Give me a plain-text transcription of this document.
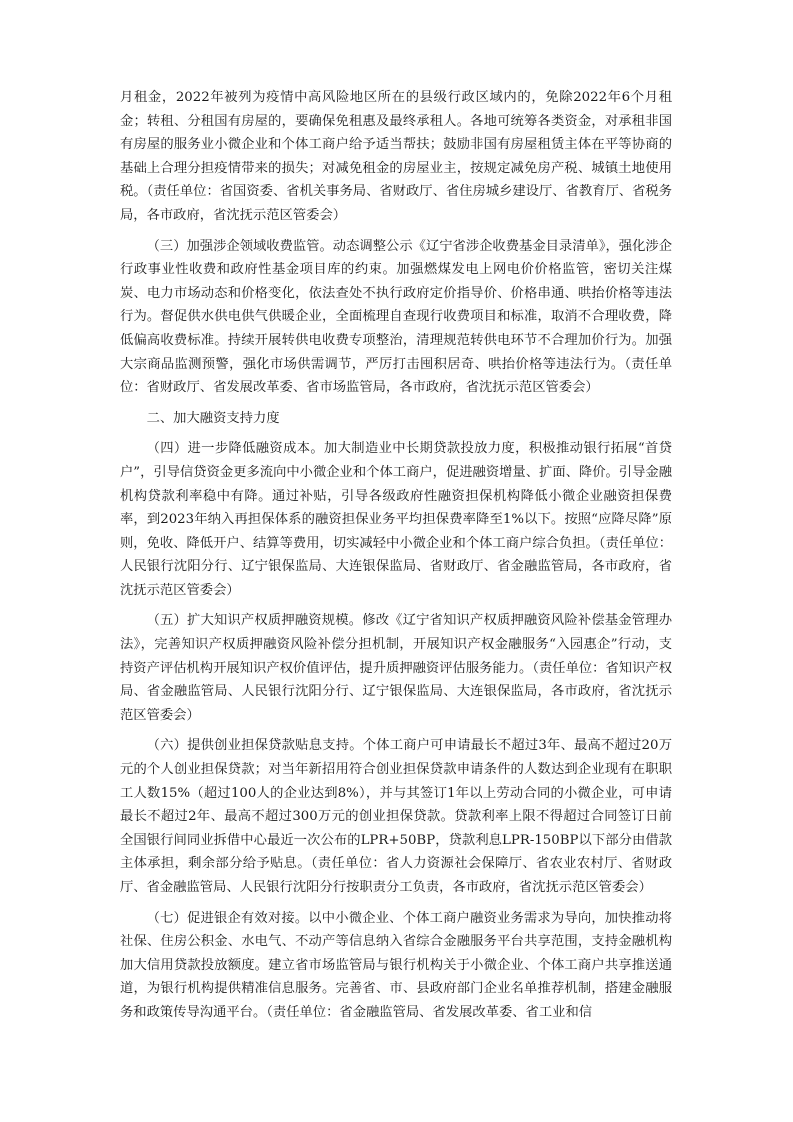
月租金，2022年被列为疫情中高风险地区所在的县级行政区域内的，免除2022年6个月租金；转租、分租国有房屋的，要确保免租惠及最终承租人。各地可统筹各类资金，对承租非国有房屋的服务业小微企业和个体工商户给予适当帮扶；鼓励非国有房屋租赁主体在平等协商的基础上合理分担疫情带来的损失；对减免租金的房屋业主，按规定减免房产税、城镇土地使用税。（责任单位：省国资委、省机关事务局、省财政厅、省住房城乡建设厅、省教育厅、省税务局，各市政府，省沈抚示范区管委会）

（三）加强涉企领域收费监管。动态调整公示《辽宁省涉企收费基金目录清单》，强化涉企行政事业性收费和政府性基金项目库的约束。加强燃煤发电上网电价价格监管，密切关注煤炭、电力市场动态和价格变化，依法查处不执行政府定价指导价、价格串通、哄抬价格等违法行为。督促供水供电供气供暖企业，全面梳理自查现行收费项目和标准，取消不合理收费，降低偏高收费标准。持续开展转供电收费专项整治，清理规范转供电环节不合理加价行为。加强大宗商品监测预警，强化市场供需调节，严厉打击囤积居奇、哄抬价格等违法行为。（责任单位：省财政厅、省发展改革委、省市场监管局，各市政府，省沈抚示范区管委会）

二、加大融资支持力度

（四）进一步降低融资成本。加大制造业中长期贷款投放力度，积极推动银行拓展“首贷户”，引导信贷资金更多流向中小微企业和个体工商户，促进融资增量、扩面、降价。引导金融机构贷款利率稳中有降。通过补贴，引导各级政府性融资担保机构降低小微企业融资担保费率，到2023年纳入再担保体系的融资担保业务平均担保费率降至1%以下。按照“应降尽降”原则，免收、降低开户、结算等费用，切实减轻中小微企业和个体工商户综合负担。（责任单位：人民银行沈阳分行、辽宁银保监局、大连银保监局、省财政厅、省金融监管局，各市政府，省沈抚示范区管委会）

（五）扩大知识产权质押融资规模。修改《辽宁省知识产权质押融资风险补偿基金管理办法》，完善知识产权质押融资风险补偿分担机制，开展知识产权金融服务“入园惠企”行动，支持资产评估机构开展知识产权价值评估，提升质押融资评估服务能力。（责任单位：省知识产权局、省金融监管局、人民银行沈阳分行、辽宁银保监局、大连银保监局，各市政府，省沈抚示范区管委会）

（六）提供创业担保贷款贴息支持。个体工商户可申请最长不超过3年、最高不超过20万元的个人创业担保贷款；对当年新招用符合创业担保贷款申请条件的人数达到企业现有在职职工人数15%（超过100人的企业达到8%），并与其签订1年以上劳动合同的小微企业，可申请最长不超过2年、最高不超过300万元的创业担保贷款。贷款利率上限不得超过合同签订日前全国银行间同业拆借中心最近一次公布的LPR+50BP，贷款利息LPR-150BP以下部分由借款主体承担，剩余部分给予贴息。（责任单位：省人力资源社会保障厅、省农业农村厅、省财政厅、省金融监管局、人民银行沈阳分行按职责分工负责，各市政府，省沈抚示范区管委会）

（七）促进银企有效对接。以中小微企业、个体工商户融资业务需求为导向，加快推动将社保、住房公积金、水电气、不动产等信息纳入省综合金融服务平台共享范围，支持金融机构加大信用贷款投放额度。建立省市场监管局与银行机构关于小微企业、个体工商户共享推送通道，为银行机构提供精准信息服务。完善省、市、县政府部门企业名单推荐机制，搭建金融服务和政策传导沟通平台。（责任单位：省金融监管局、省发展改革委、省工业和信
